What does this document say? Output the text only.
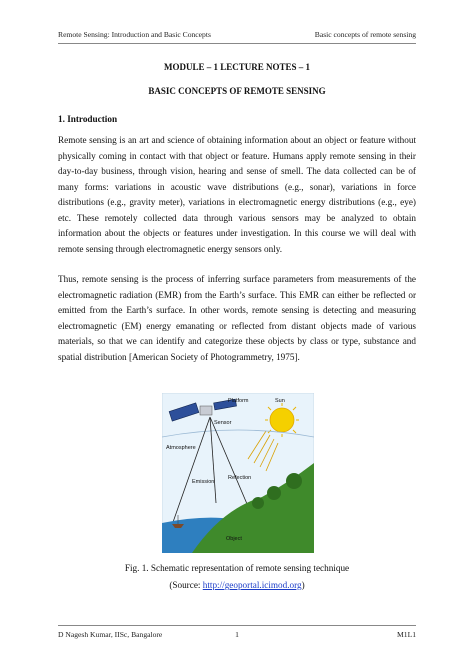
Remote Sensing: Introduction and Basic Concepts	Basic concepts of remote sensing
MODULE – 1 LECTURE NOTES – 1
BASIC CONCEPTS OF REMOTE SENSING
1. Introduction

Remote sensing is an art and science of obtaining information about an object or feature without physically coming in contact with that object or feature. Humans apply remote sensing in their day-to-day business, through vision, hearing and sense of smell. The data collected can be of many forms: variations in acoustic wave distributions (e.g., sonar), variations in force distributions (e.g., gravity meter), variations in electromagnetic energy distributions (e.g., eye) etc. These remotely collected data through various sensors may be analyzed to obtain information about the objects or features under investigation. In this course we will deal with remote sensing through electromagnetic energy sensors only.

Thus, remote sensing is the process of inferring surface parameters from measurements of the electromagnetic radiation (EMR) from the Earth’s surface. This EMR can either be reflected or emitted from the Earth’s surface. In other words, remote sensing is detecting and measuring electromagnetic (EM) energy emanating or reflected from distant objects made of various materials, so that we can identify and categorize these objects by class or type, substance and spatial distribution [American Society of Photogrammetry, 1975].

Platform
Sensor
Sun
Atmosphere
Emission
Refection
Object
Fig. 1. Schematic representation of remote sensing technique
(Source: http://geoportal.icimod.org)
D Nagesh Kumar, IISc, Bangalore	1	M1L1
